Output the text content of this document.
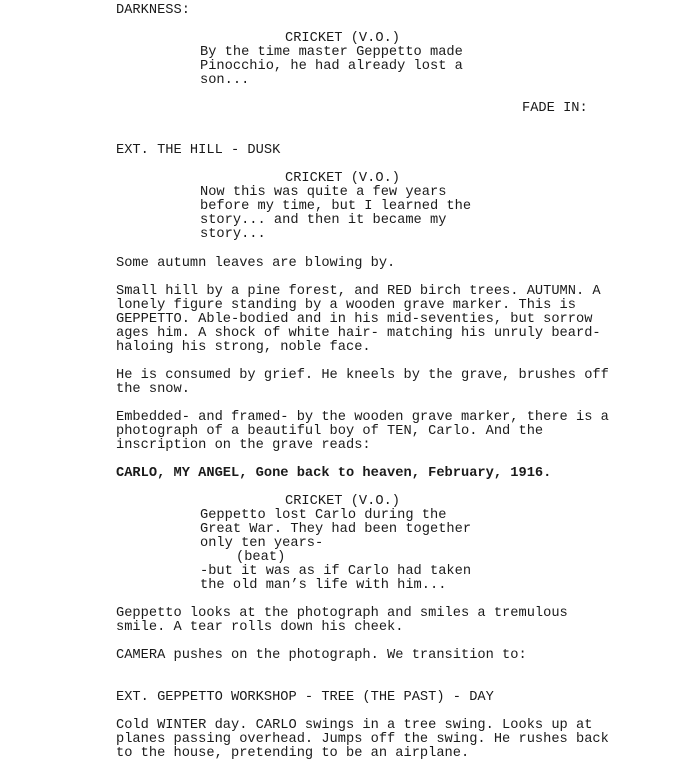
DARKNESS:
CRICKET (V.O.)
By the time master Geppetto made
Pinocchio, he had already lost a
son...
FADE IN:
EXT. THE HILL - DUSK
CRICKET (V.O.)
Now this was quite a few years
before my time, but I learned the
story... and then it became my
story...
Some autumn leaves are blowing by.
Small hill by a pine forest, and RED birch trees. AUTUMN. A
lonely figure standing by a wooden grave marker. This is
GEPPETTO. Able-bodied and in his mid-seventies, but sorrow
ages him. A shock of white hair- matching his unruly beard-
haloing his strong, noble face.
He is consumed by grief. He kneels by the grave, brushes off
the snow.
Embedded- and framed- by the wooden grave marker, there is a
photograph of a beautiful boy of TEN, Carlo. And the
inscription on the grave reads:
CARLO, MY ANGEL, Gone back to heaven, February, 1916.
CRICKET (V.O.)
Geppetto lost Carlo during the
Great War. They had been together
only ten years-
(beat)
-but it was as if Carlo had taken
the old man’s life with him...
Geppetto looks at the photograph and smiles a tremulous
smile. A tear rolls down his cheek.
CAMERA pushes on the photograph. We transition to:
EXT. GEPPETTO WORKSHOP - TREE (THE PAST) - DAY
Cold WINTER day. CARLO swings in a tree swing. Looks up at
planes passing overhead. Jumps off the swing. He rushes back
to the house, pretending to be an airplane.
